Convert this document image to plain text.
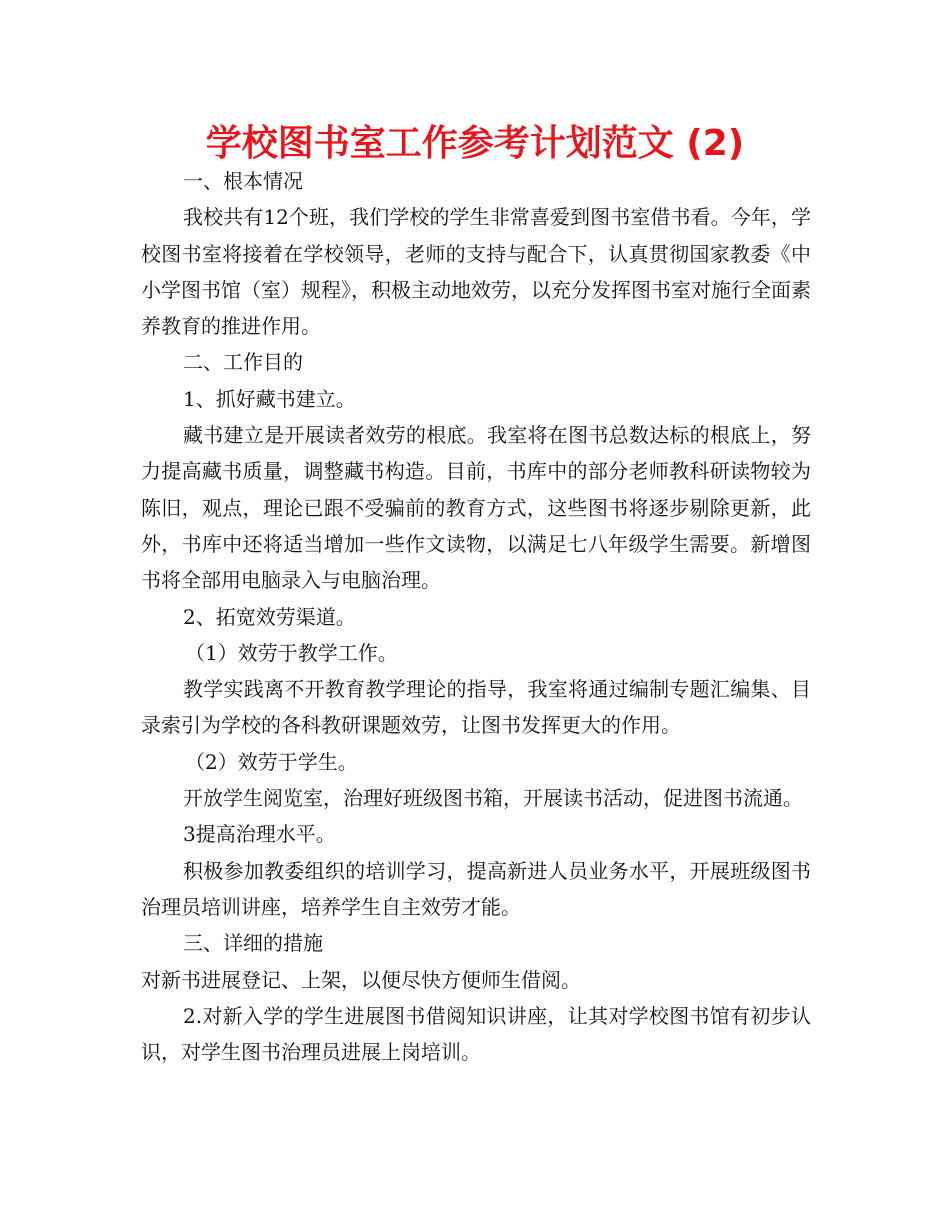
学校图书室工作参考计划范文 (2)

一、根本情况

我校共有12个班，我们学校的学生非常喜爱到图书室借书看。今年，学校图书室将接着在学校领导，老师的支持与配合下，认真贯彻国家教委《中小学图书馆（室）规程》，积极主动地效劳，以充分发挥图书室对施行全面素养教育的推进作用。

二、工作目的

1、抓好藏书建立。

藏书建立是开展读者效劳的根底。我室将在图书总数达标的根底上，努力提高藏书质量，调整藏书构造。目前，书库中的部分老师教科研读物较为陈旧，观点，理论已跟不受骗前的教育方式，这些图书将逐步剔除更新，此外，书库中还将适当增加一些作文读物，以满足七八年级学生需要。新增图书将全部用电脑录入与电脑治理。

2、拓宽效劳渠道。

（1）效劳于教学工作。

教学实践离不开教育教学理论的指导，我室将通过编制专题汇编集、目录索引为学校的各科教研课题效劳，让图书发挥更大的作用。

（2）效劳于学生。

开放学生阅览室，治理好班级图书箱，开展读书活动，促进图书流通。

3提高治理水平。

积极参加教委组织的培训学习，提高新进人员业务水平，开展班级图书治理员培训讲座，培养学生自主效劳才能。

三、详细的措施

对新书进展登记、上架，以便尽快方便师生借阅。

2.对新入学的学生进展图书借阅知识讲座，让其对学校图书馆有初步认识，对学生图书治理员进展上岗培训。
